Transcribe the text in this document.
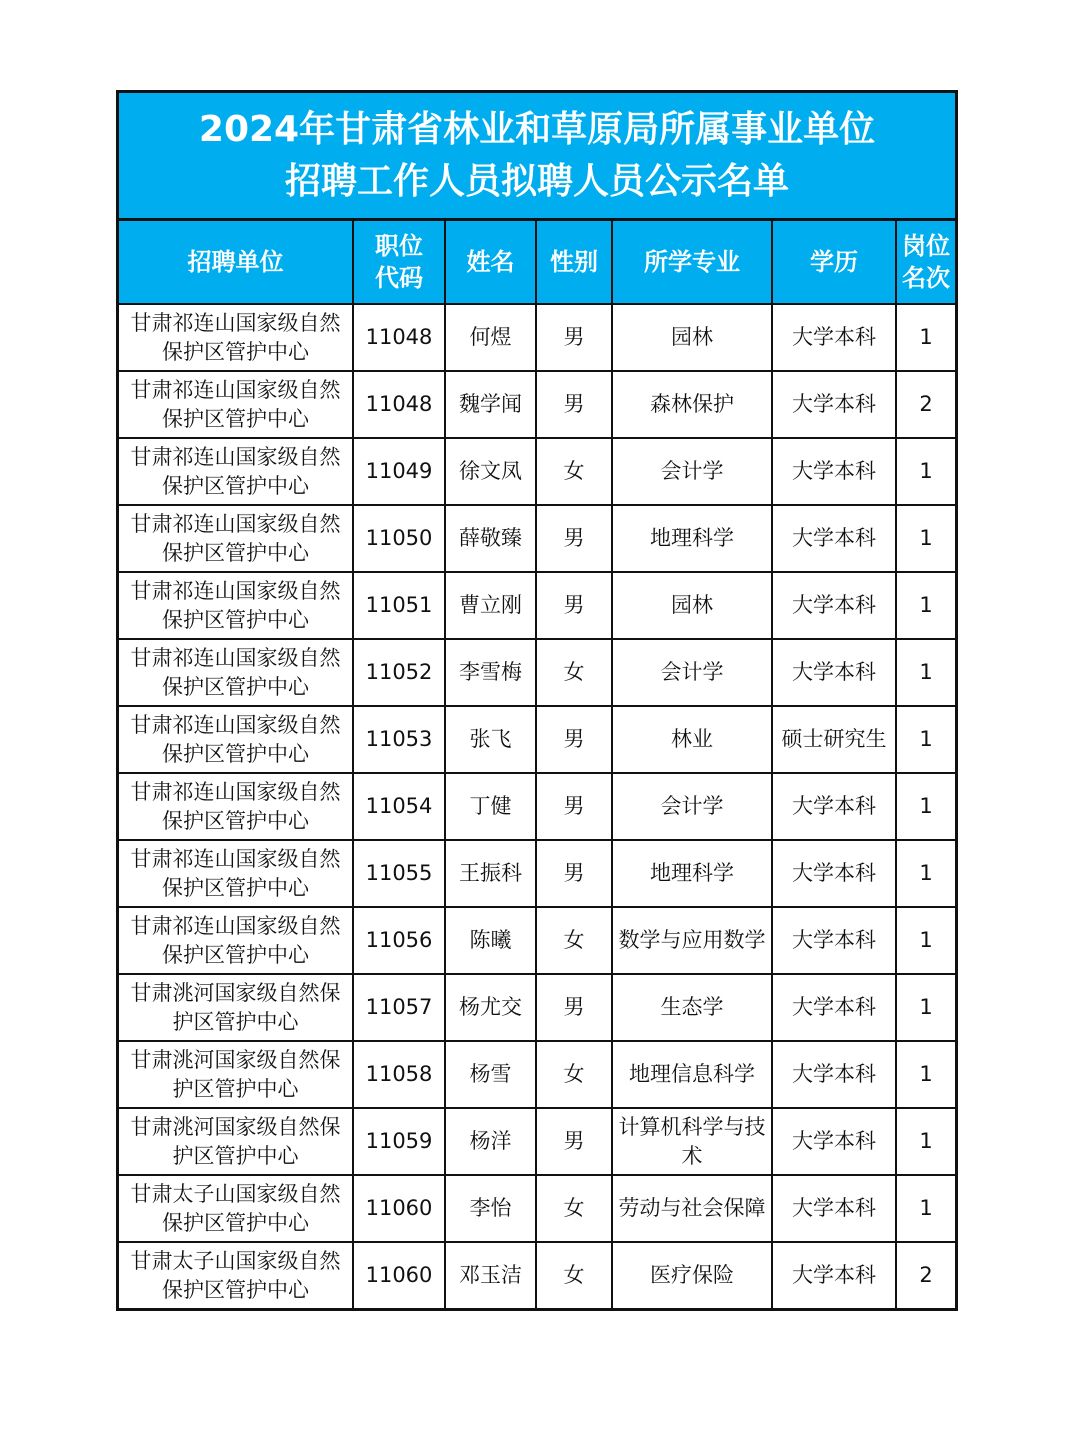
2024年甘肃省林业和草原局所属事业单位
招聘工作人员拟聘人员公示名单
招聘单位	职位代码	姓名	性别	所学专业	学历	岗位名次

甘肃祁连山国家级自然保护区管护中心	11048	何煜	男	园林	大学本科	1
甘肃祁连山国家级自然保护区管护中心	11048	魏学闻	男	森林保护	大学本科	2
甘肃祁连山国家级自然保护区管护中心	11049	徐文凤	女	会计学	大学本科	1
甘肃祁连山国家级自然保护区管护中心	11050	薛敬臻	男	地理科学	大学本科	1
甘肃祁连山国家级自然保护区管护中心	11051	曹立刚	男	园林	大学本科	1
甘肃祁连山国家级自然保护区管护中心	11052	李雪梅	女	会计学	大学本科	1
甘肃祁连山国家级自然保护区管护中心	11053	张飞	男	林业	硕士研究生	1
甘肃祁连山国家级自然保护区管护中心	11054	丁健	男	会计学	大学本科	1
甘肃祁连山国家级自然保护区管护中心	11055	王振科	男	地理科学	大学本科	1
甘肃祁连山国家级自然保护区管护中心	11056	陈曦	女	数学与应用数学	大学本科	1
甘肃洮河国家级自然保护区管护中心	11057	杨尤交	男	生态学	大学本科	1
甘肃洮河国家级自然保护区管护中心	11058	杨雪	女	地理信息科学	大学本科	1
甘肃洮河国家级自然保护区管护中心	11059	杨洋	男	计算机科学与技术	大学本科	1
甘肃太子山国家级自然保护区管护中心	11060	李怡	女	劳动与社会保障	大学本科	1
甘肃太子山国家级自然保护区管护中心	11060	邓玉洁	女	医疗保险	大学本科	2
